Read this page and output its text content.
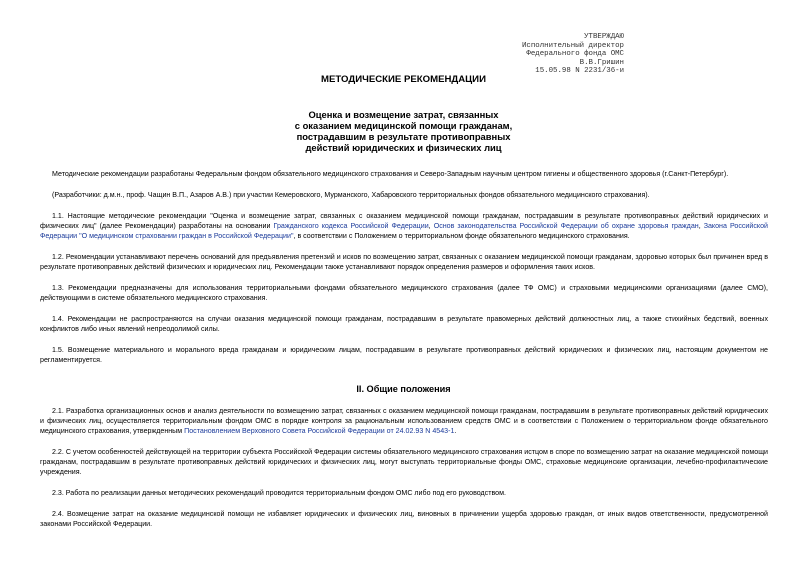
УТВЕРЖДАЮ
Исполнительный директор
Федерального фонда ОМС
В.В.Гришин
15.05.98 N 2231/36-и
МЕТОДИЧЕСКИЕ РЕКОМЕНДАЦИИ
Оценка и возмещение затрат, связанных
с оказанием медицинской помощи гражданам,
пострадавшим в результате противоправных
действий юридических и физических лиц
Методические рекомендации разработаны Федеральным фондом обязательного медицинского страхования и Северо-Западным научным центром гигиены и общественного здоровья (г.Санкт-Петербург).
(Разработчики: д.м.н., проф. Чащин В.П., Азаров А.В.) при участии Кемеровского, Мурманского, Хабаровского территориальных фондов обязательного медицинского страхования).
1.1. Настоящие методические рекомендации "Оценка и возмещение затрат, связанных с оказанием медицинской помощи гражданам, пострадавшим в результате противоправных действий юридических и физических лиц" (далее Рекомендации) разработаны на основании Гражданского кодекса Российской Федерации, Основ законодательства Российской Федерации об охране здоровья граждан, Закона Российской Федерации "О медицинском страховании граждан в Российской Федерации", в соответствии с Положением о территориальном фонде обязательного медицинского страхования.
1.2. Рекомендации устанавливают перечень оснований для предъявления претензий и исков по возмещению затрат, связанных с оказанием медицинской помощи гражданам, здоровью которых был причинен вред в результате противоправных действий физических и юридических лиц. Рекомендации также устанавливают порядок определения размеров и оформления таких исков.
1.3. Рекомендации предназначены для использования территориальными фондами обязательного медицинского страхования (далее ТФ ОМС) и страховыми медицинскими организациями (далее СМО), действующими в системе обязательного медицинского страхования.
1.4. Рекомендации не распространяются на случаи оказания медицинской помощи гражданам, пострадавшим в результате правомерных действий должностных лиц, а также стихийных бедствий, военных конфликтов либо иных явлений непреодолимой силы.
1.5. Возмещение материального и морального вреда гражданам и юридическим лицам, пострадавшим в результате противоправных действий юридических и физических лиц, настоящим документом не регламентируется.
II. Общие положения
2.1. Разработка организационных основ и анализ деятельности по возмещению затрат, связанных с оказанием медицинской помощи гражданам, пострадавшим в результате противоправных действий юридических и физических лиц, осуществляется территориальным фондом ОМС в порядке контроля за рациональным использованием средств ОМС и в соответствии с Положением о территориальном фонде обязательного медицинского страхования, утвержденным Постановлением Верховного Совета Российской Федерации от 24.02.93 N 4543-1.
2.2. С учетом особенностей действующей на территории субъекта Российской Федерации системы обязательного медицинского страхования истцом в споре по возмещению затрат на оказание медицинской помощи гражданам, пострадавшим в результате противоправных действий юридических и физических лиц, могут выступать территориальные фонды ОМС, страховые медицинские организации, лечебно-профилактические учреждения.
2.3. Работа по реализации данных методических рекомендаций проводится территориальным фондом ОМС либо под его руководством.
2.4. Возмещение затрат на оказание медицинской помощи не избавляет юридических и физических лиц, виновных в причинении ущерба здоровью граждан, от иных видов ответственности, предусмотренной законами Российской Федерации.
